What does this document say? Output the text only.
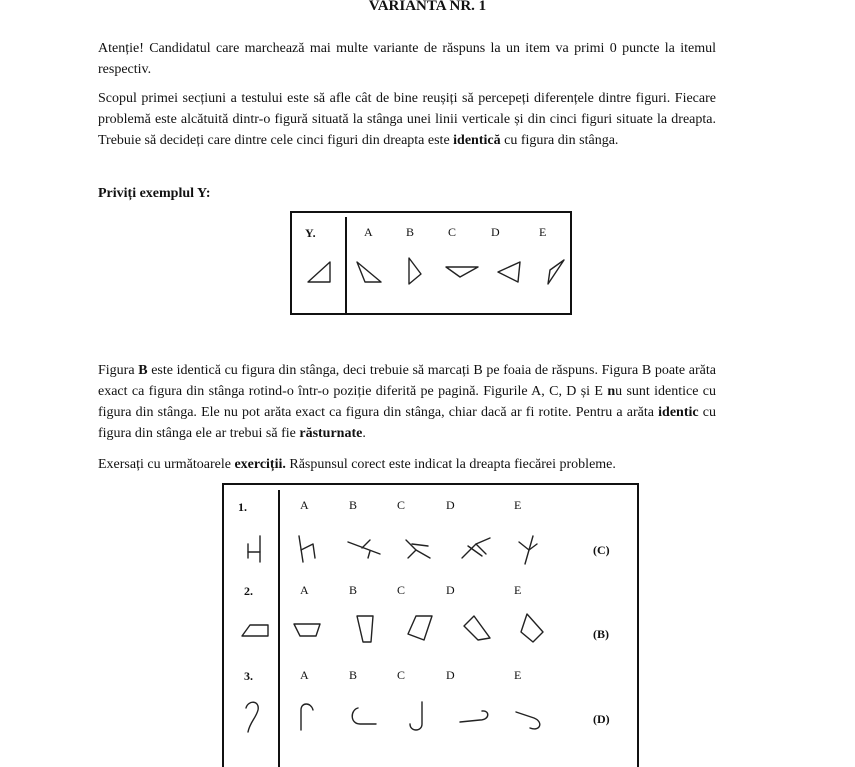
VARIANTA NR. 1

Atenție! Candidatul care marchează mai multe variante de răspuns la un item va primi 0 puncte la itemul respectiv.

Scopul primei secțiuni a testului este să afle cât de bine reușiți să percepeți diferențele dintre figuri. Fiecare problemă este alcătuită dintr-o figură situată la stânga unei linii verticale și din cinci figuri situate la dreapta. Trebuie să decideți care dintre cele cinci figuri din dreapta este identică cu figura din stânga.

Priviți exemplul Y:

Y.	A	B	C	D	E

Figura B este identică cu figura din stânga, deci trebuie să marcați B pe foaia de răspuns. Figura B poate arăta exact ca figura din stânga rotind-o într-o poziție diferită pe pagină. Figurile A, C, D și E nu sunt identice cu figura din stânga. Ele nu pot arăta exact ca figura din stânga, chiar dacă ar fi rotite. Pentru a arăta identic cu figura din stânga ele ar trebui să fie răsturnate.

Exersați cu următoarele exerciții. Răspunsul corect este indicat la dreapta fiecărei probleme.

1.	A	B	C	D	E
(C)
2.	A	B	C	D	E
(B)
3.	A	B	C	D	E
(D)
